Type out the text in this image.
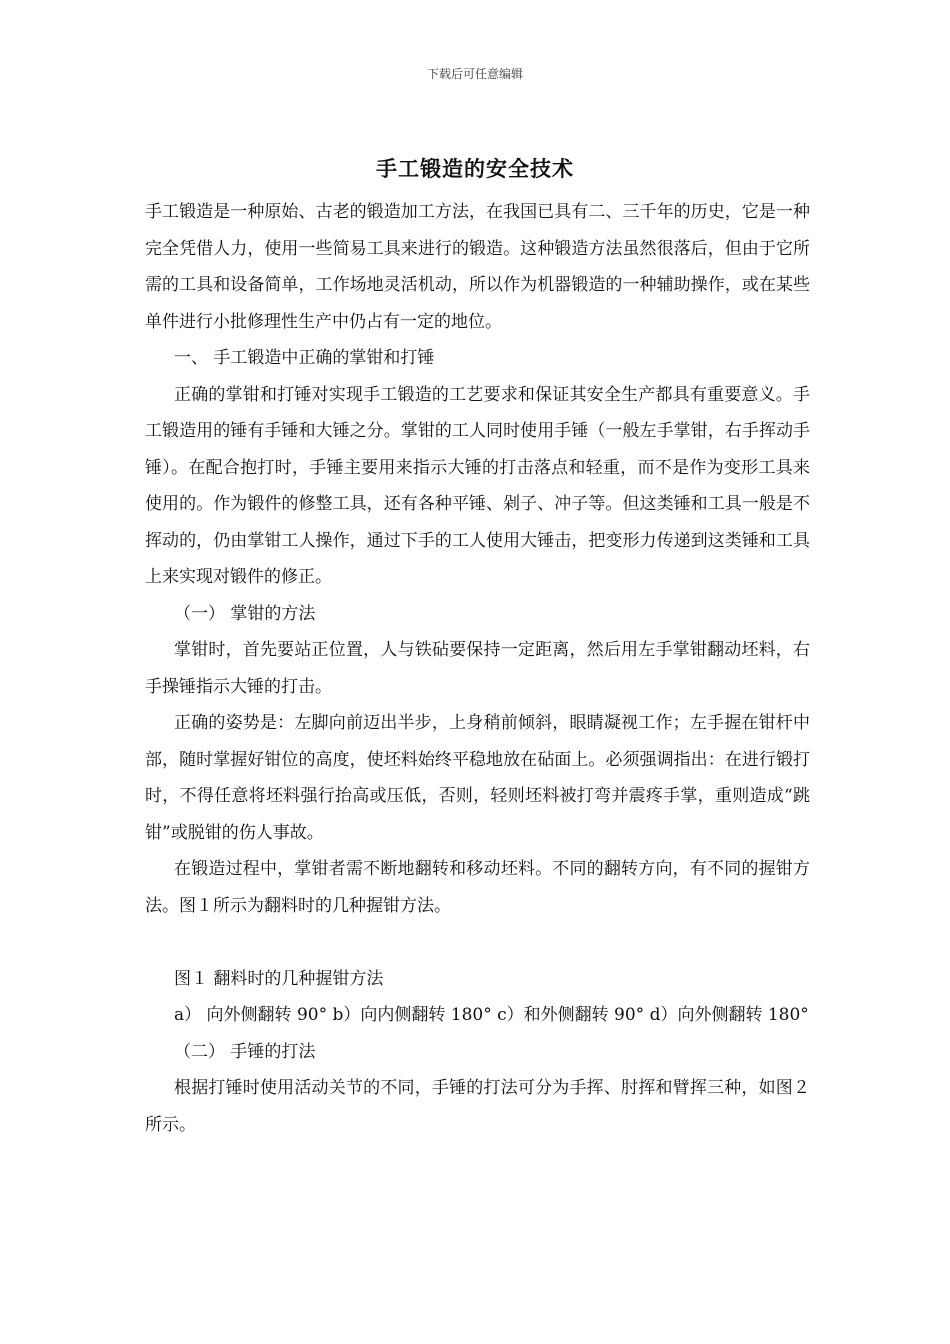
下载后可任意编辑
手工锻造的安全技术

手工锻造是一种原始、古老的锻造加工方法，在我国已具有二、三千年的历史，它是一种完全凭借人力，使用一些简易工具来进行的锻造。这种锻造方法虽然很落后，但由于它所需的工具和设备简单，工作场地灵活机动，所以作为机器锻造的一种辅助操作，或在某些单件进行小批修理性生产中仍占有一定的地位。

一、 手工锻造中正确的掌钳和打锤

正确的掌钳和打锤对实现手工锻造的工艺要求和保证其安全生产都具有重要意义。手工锻造用的锤有手锤和大锤之分。掌钳的工人同时使用手锤（一般左手掌钳，右手挥动手锤）。在配合抱打时，手锤主要用来指示大锤的打击落点和轻重，而不是作为变形工具来使用的。作为锻件的修整工具，还有各种平锤、剁子、冲子等。但这类锤和工具一般是不挥动的，仍由掌钳工人操作，通过下手的工人使用大锤击，把变形力传递到这类锤和工具上来实现对锻件的修正。

（一） 掌钳的方法

掌钳时，首先要站正位置，人与铁砧要保持一定距离，然后用左手掌钳翻动坯料，右手操锤指示大锤的打击。

正确的姿势是：左脚向前迈出半步，上身稍前倾斜，眼睛凝视工作；左手握在钳杆中部，随时掌握好钳位的高度，使坯料始终平稳地放在砧面上。必须强调指出：在进行锻打时，不得任意将坯料强行抬高或压低，否则，轻则坯料被打弯并震疼手掌，重则造成“跳钳”或脱钳的伤人事故。

在锻造过程中，掌钳者需不断地翻转和移动坯料。不同的翻转方向，有不同的握钳方法。图１所示为翻料时的几种握钳方法。

图１ 翻料时的几种握钳方法

a） 向外侧翻转 90° b）向内侧翻转 180° c）和外侧翻转 90° d）向外侧翻转 180°

（二） 手锤的打法

根据打锤时使用活动关节的不同，手锤的打法可分为手挥、肘挥和臂挥三种，如图２所示。
